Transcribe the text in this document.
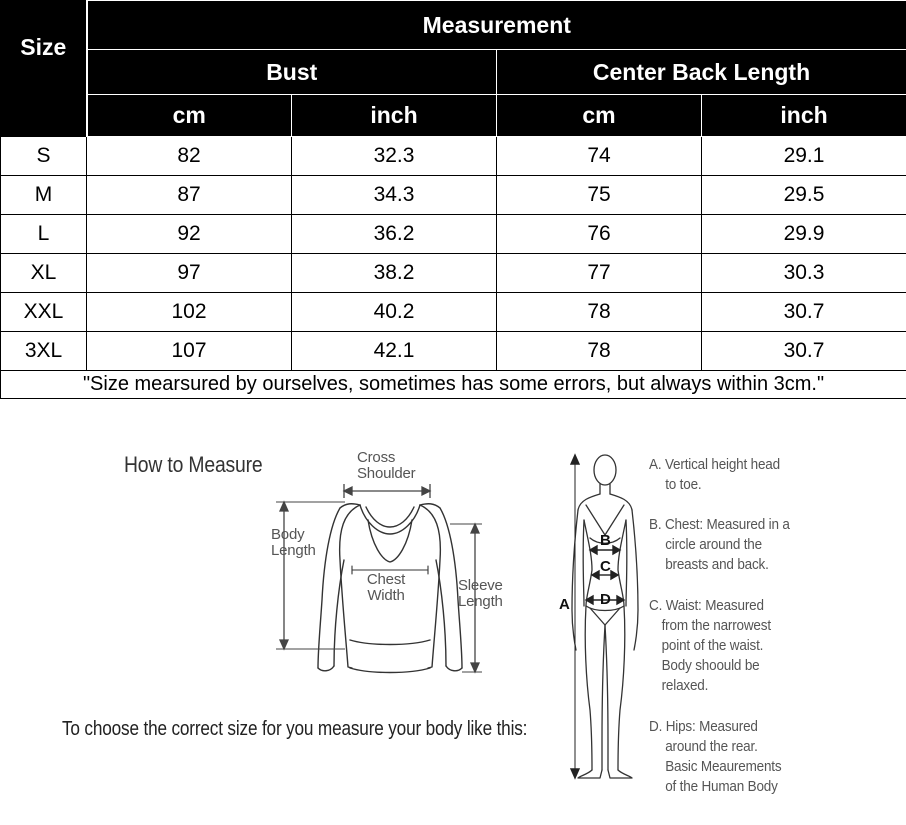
Size	Measurement			
	Bust		Center Back Length	
	cm	inch	cm	inch
S	82	32.3	74	29.1
M	87	34.3	75	29.5
L	92	36.2	76	29.9
XL	97	38.2	77	30.3
XXL	102	40.2	78	30.7
3XL	107	42.1	78	30.7
"Size mearsured by ourselves, sometimes has some errors, but always within 3cm."				
How to Measure	Cross
Shoulder
Body
Length
Chest
Width
Sleeve
Length
To choose the correct size for you measure your body like this:
B
C
D
A
A. Vertical height head
to toe.
B. Chest: Measured in a
circle around the
breasts and back.
C. Waist: Measured
from the narrowest
point of the waist.
Body shoould be
relaxed.
D. Hips: Measured
around the rear.
Basic Meaurements
of the Human Body
